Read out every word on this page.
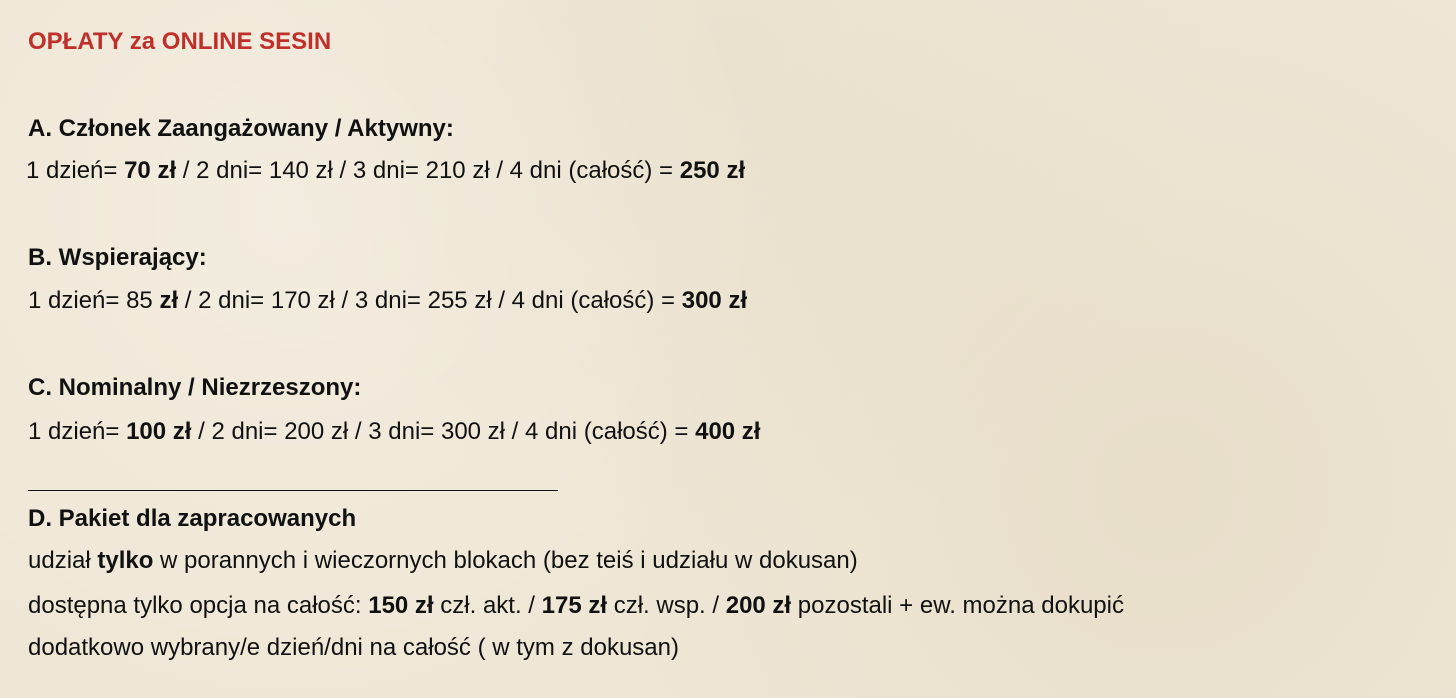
OPŁATY za ONLINE SESIN
A. Członek Zaangażowany / Aktywny:
1 dzień= 70 zł / 2 dni= 140 zł / 3 dni= 210 zł / 4 dni (całość) = 250 zł
B. Wspierający:
1 dzień= 85 zł / 2 dni= 170 zł / 3 dni= 255 zł / 4 dni (całość) = 300 zł
C. Nominalny / Niezrzeszony:
1 dzień= 100 zł / 2 dni= 200 zł / 3 dni= 300 zł / 4 dni (całość) = 400 zł
D. Pakiet dla zapracowanych
udział tylko w porannych i wieczornych blokach (bez teiś i udziału w dokusan)
dostępna tylko opcja na całość: 150 zł czł. akt. / 175 zł czł. wsp. / 200 zł pozostali + ew. można dokupić
dodatkowo wybrany/e dzień/dni na całość ( w tym z dokusan)
